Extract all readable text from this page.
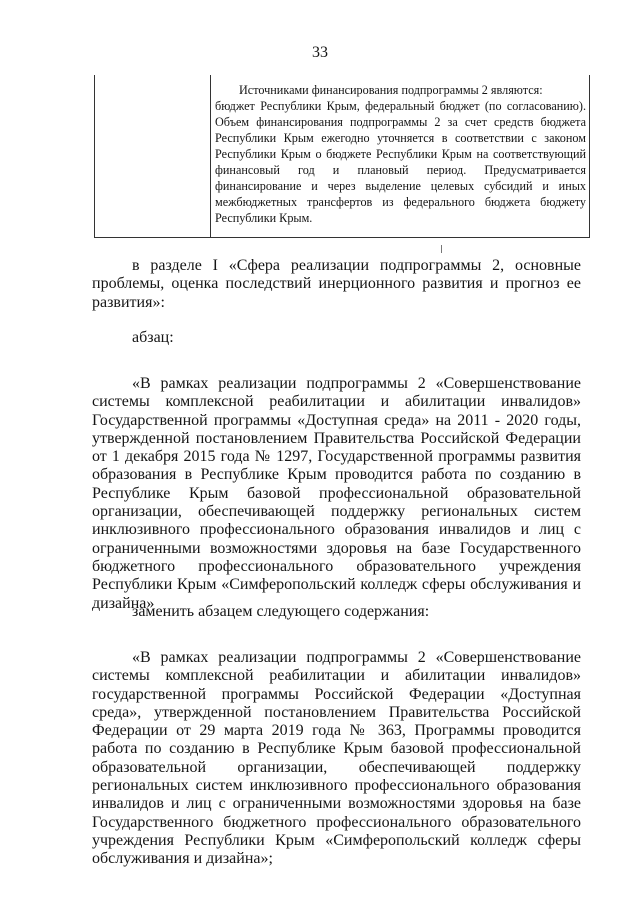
33
Источниками финансирования подпрограммы 2 являются:
бюджет Республики Крым, федеральный бюджет (по согласованию). Объем финансирования подпрограммы 2 за счет средств бюджета Республики Крым ежегодно уточняется в соответствии с законом Республики Крым о бюджете Республики Крым на соответствующий финансовый год и плановый период. Предусматривается финансирование и через выделение целевых субсидий и иных межбюджетных трансфертов из федерального бюджета бюджету Республики Крым.

в разделе I «Сфера реализации подпрограммы 2, основные проблемы, оценка последствий инерционного развития и прогноз ее развития»:

абзац:

«В рамках реализации подпрограммы 2 «Совершенствование системы комплексной реабилитации и абилитации инвалидов» Государственной программы «Доступная среда» на 2011 - 2020 годы, утвержденной постановлением Правительства Российской Федерации от 1 декабря 2015 года № 1297, Государственной программы развития образования в Республике Крым проводится работа по созданию в Республике Крым базовой профессиональной образовательной организации, обеспечивающей поддержку региональных систем инклюзивного профессионального образования инвалидов и лиц с ограниченными возможностями здоровья на базе Государственного бюджетного профессионального образовательного учреждения Республики Крым «Симферопольский колледж сферы обслуживания и дизайна»

заменить абзацем следующего содержания:

«В рамках реализации подпрограммы 2 «Совершенствование системы комплексной реабилитации и абилитации инвалидов» государственной программы Российской Федерации «Доступная среда», утвержденной постановлением Правительства Российской Федерации от 29 марта 2019 года № 363, Программы проводится работа по созданию в Республике Крым базовой профессиональной образовательной организации, обеспечивающей поддержку региональных систем инклюзивного профессионального образования инвалидов и лиц с ограниченными возможностями здоровья на базе Государственного бюджетного профессионального образовательного учреждения Республики Крым «Симферопольский колледж сферы обслуживания и дизайна»;
